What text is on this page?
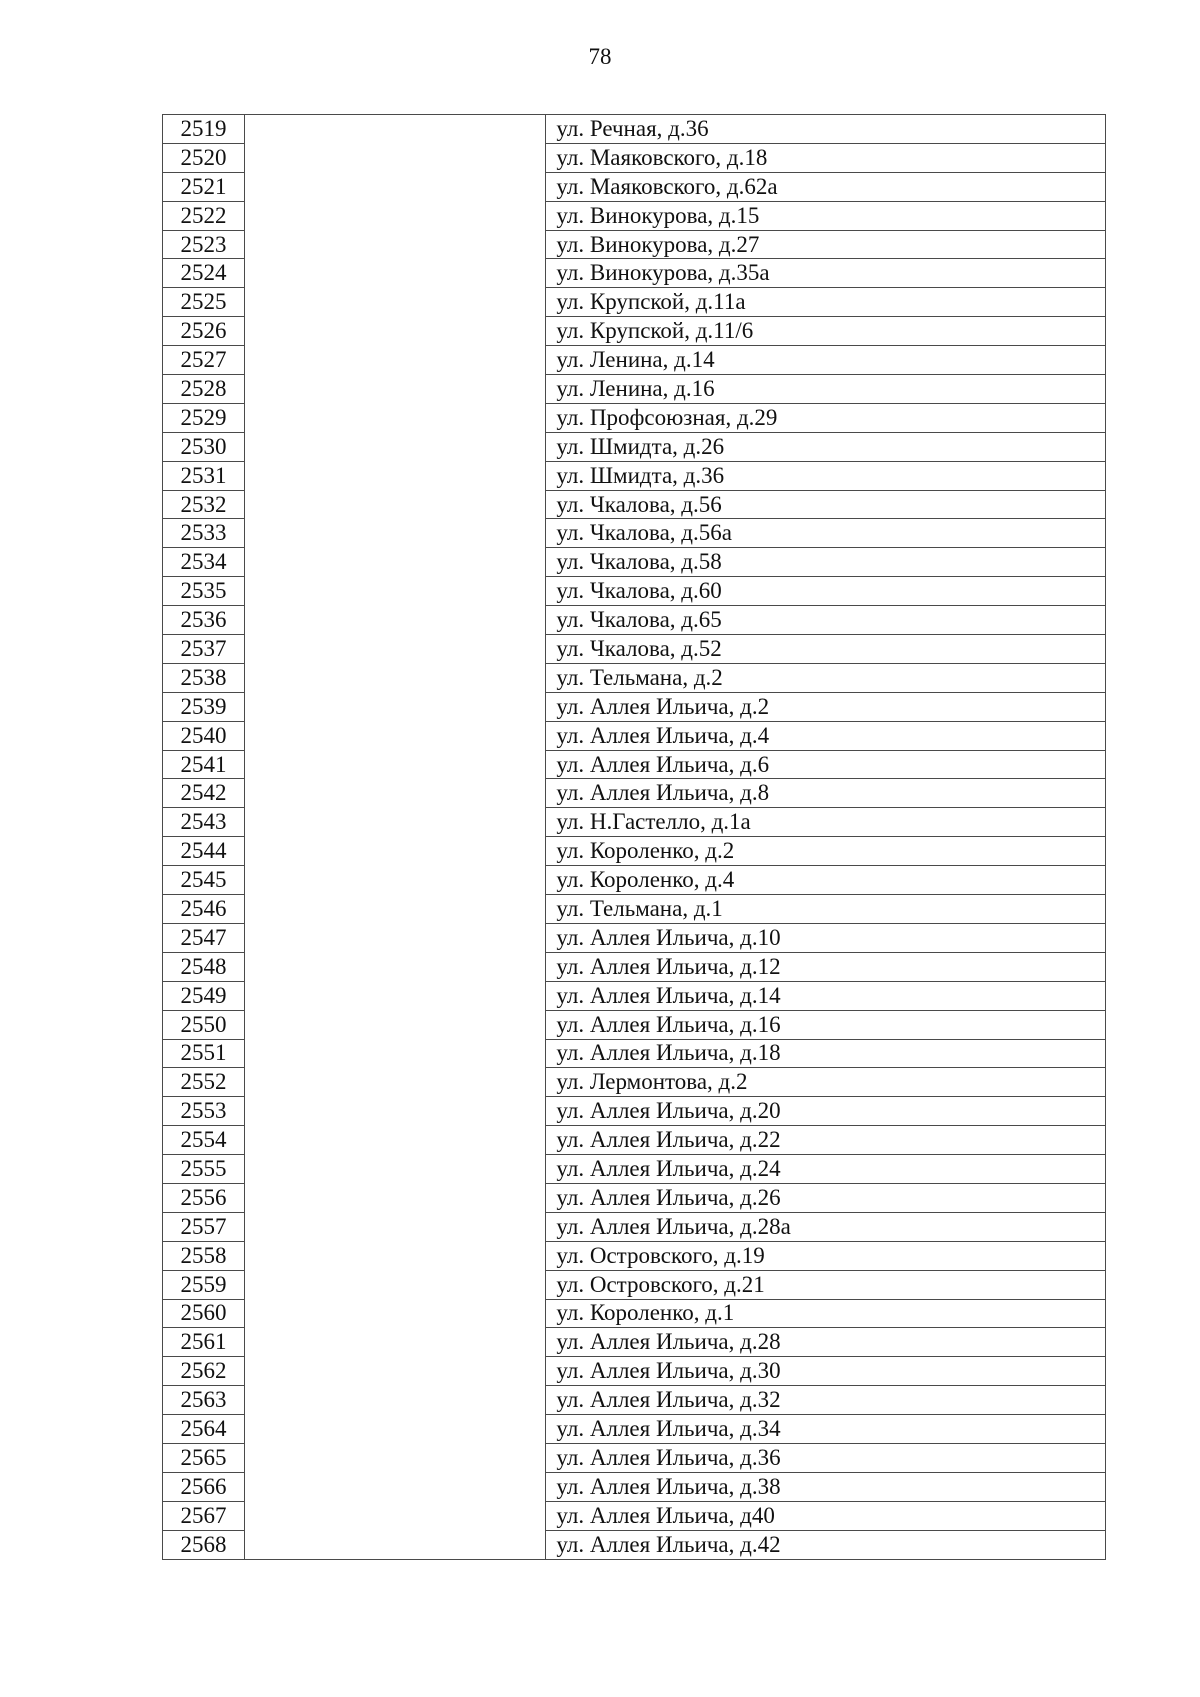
78
2519		ул. Речная, д.36
2520		ул. Маяковского, д.18
2521		ул. Маяковского, д.62а
2522		ул. Винокурова, д.15
2523		ул. Винокурова, д.27
2524		ул. Винокурова, д.35а
2525		ул. Крупской, д.11а
2526		ул. Крупской, д.11/6
2527		ул. Ленина, д.14
2528		ул. Ленина, д.16
2529		ул. Профсоюзная, д.29
2530		ул. Шмидта, д.26
2531		ул. Шмидта, д.36
2532		ул. Чкалова, д.56
2533		ул. Чкалова, д.56а
2534		ул. Чкалова, д.58
2535		ул. Чкалова, д.60
2536		ул. Чкалова, д.65
2537		ул. Чкалова, д.52
2538		ул. Тельмана, д.2
2539		ул. Аллея Ильича, д.2
2540		ул. Аллея Ильича, д.4
2541		ул. Аллея Ильича, д.6
2542		ул. Аллея Ильича, д.8
2543		ул. Н.Гастелло, д.1а
2544		ул. Короленко, д.2
2545		ул. Короленко, д.4
2546		ул. Тельмана, д.1
2547		ул. Аллея Ильича, д.10
2548		ул. Аллея Ильича, д.12
2549		ул. Аллея Ильича, д.14
2550		ул. Аллея Ильича, д.16
2551		ул. Аллея Ильича, д.18
2552		ул. Лермонтова, д.2
2553		ул. Аллея Ильича, д.20
2554		ул. Аллея Ильича, д.22
2555		ул. Аллея Ильича, д.24
2556		ул. Аллея Ильича, д.26
2557		ул. Аллея Ильича, д.28а
2558		ул. Островского, д.19
2559		ул. Островского, д.21
2560		ул. Короленко, д.1
2561		ул. Аллея Ильича, д.28
2562		ул. Аллея Ильича, д.30
2563		ул. Аллея Ильича, д.32
2564		ул. Аллея Ильича, д.34
2565		ул. Аллея Ильича, д.36
2566		ул. Аллея Ильича, д.38
2567		ул. Аллея Ильича, д40
2568		ул. Аллея Ильича, д.42
